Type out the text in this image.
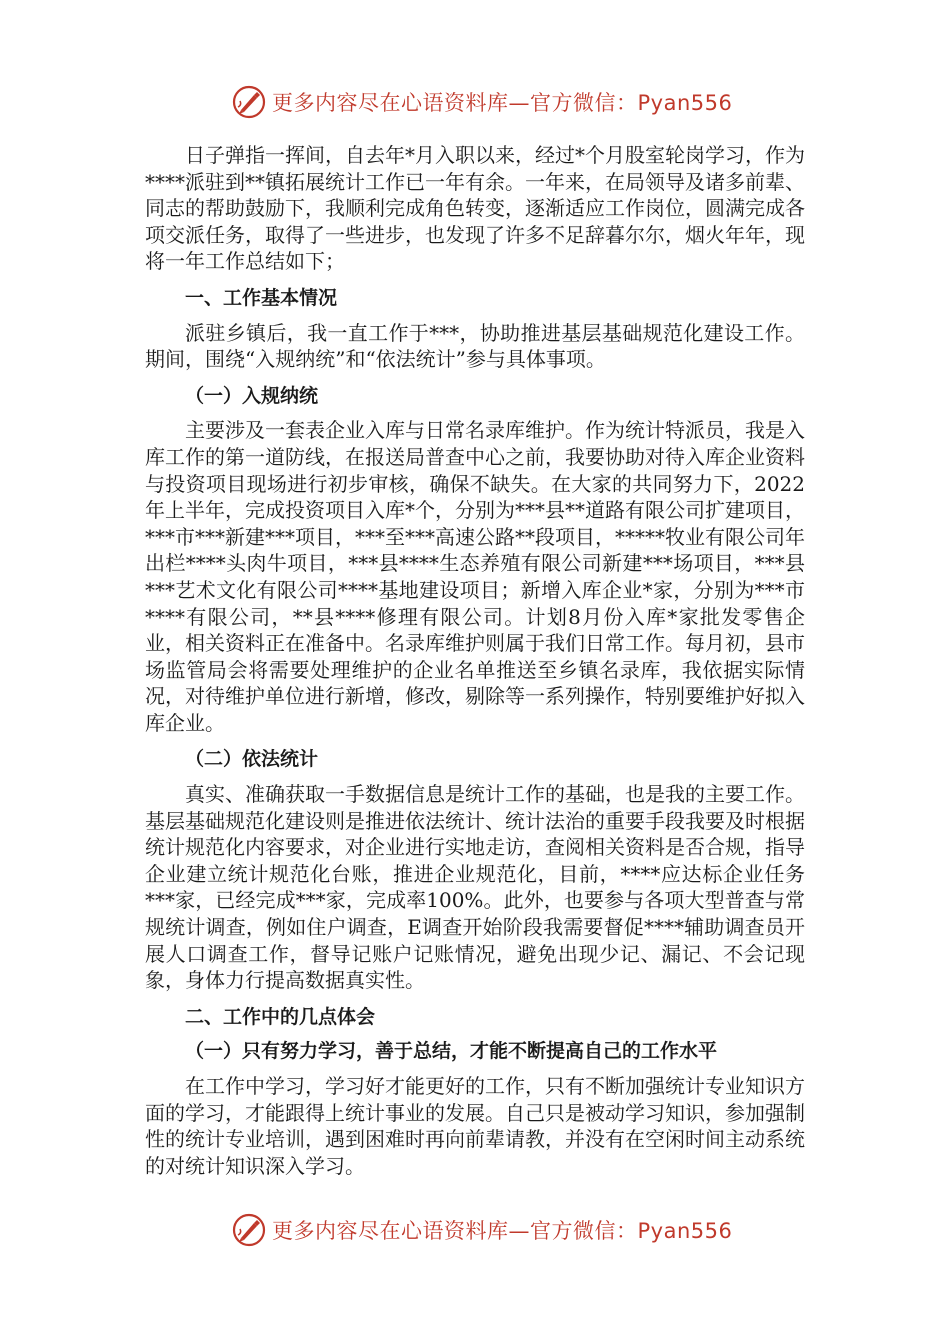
更多内容尽在心语资料库—官方微信：Pyan556

日子弹指一挥间，自去年*月入职以来，经过*个月股室轮岗学习，作为****派驻到**镇拓展统计工作已一年有余。一年来，在局领导及诸多前辈、同志的帮助鼓励下，我顺利完成角色转变，逐渐适应工作岗位，圆满完成各项交派任务，取得了一些进步，也发现了许多不足辞暮尔尔，烟火年年，现将一年工作总结如下；

一、工作基本情况

派驻乡镇后，我一直工作于***，协助推进基层基础规范化建设工作。期间，围绕“入规纳统”和“依法统计”参与具体事项。

（一）入规纳统

主要涉及一套表企业入库与日常名录库维护。作为统计特派员，我是入库工作的第一道防线，在报送局普查中心之前，我要协助对待入库企业资料与投资项目现场进行初步审核，确保不缺失。在大家的共同努力下，2022年上半年，完成投资项目入库*个，分别为***县**道路有限公司扩建项目，***市***新建***项目，***至***高速公路**段项目，*****牧业有限公司年出栏****头肉牛项目，***县****生态养殖有限公司新建***场项目，***县***艺术文化有限公司****基地建设项目；新增入库企业*家，分别为***市****有限公司，**县****修理有限公司。计划8月份入库*家批发零售企业，相关资料正在准备中。名录库维护则属于我们日常工作。每月初，县市场监管局会将需要处理维护的企业名单推送至乡镇名录库，我依据实际情况，对待维护单位进行新增，修改，剔除等一系列操作，特别要维护好拟入库企业。

（二）依法统计

真实、准确获取一手数据信息是统计工作的基础，也是我的主要工作。基层基础规范化建设则是推进依法统计、统计法治的重要手段我要及时根据统计规范化内容要求，对企业进行实地走访，查阅相关资料是否合规，指导企业建立统计规范化台账，推进企业规范化，目前，****应达标企业任务***家，已经完成***家，完成率100%。此外，也要参与各项大型普查与常规统计调查，例如住户调查，E调查开始阶段我需要督促****辅助调查员开展人口调查工作，督导记账户记账情况，避免出现少记、漏记、不会记现象，身体力行提高数据真实性。

二、工作中的几点体会

（一）只有努力学习，善于总结，才能不断提高自己的工作水平

在工作中学习，学习好才能更好的工作，只有不断加强统计专业知识方面的学习，才能跟得上统计事业的发展。自己只是被动学习知识，参加强制性的统计专业培训，遇到困难时再向前辈请教，并没有在空闲时间主动系统的对统计知识深入学习。

更多内容尽在心语资料库—官方微信：Pyan556
